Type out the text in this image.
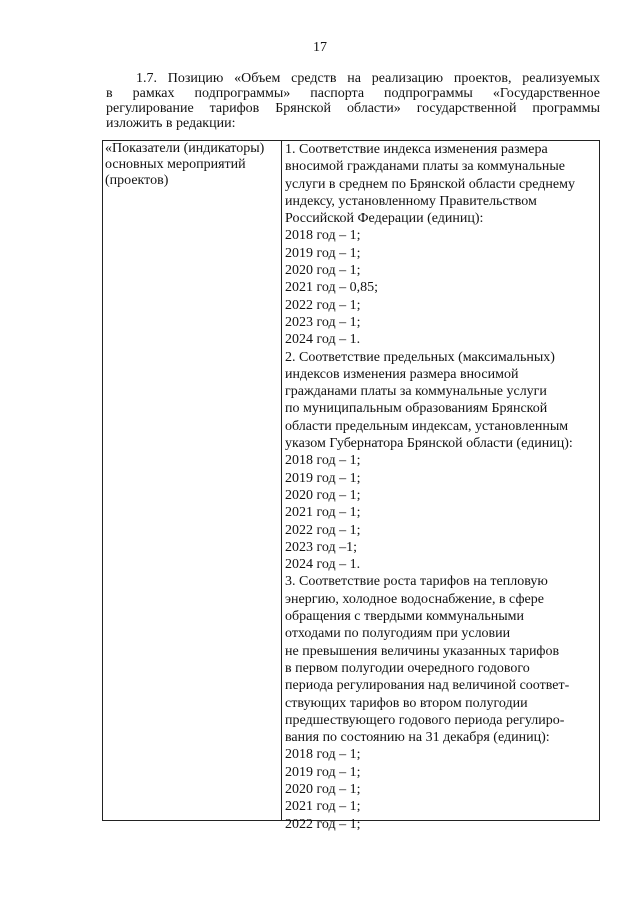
17
1.7. Позицию «Объем средств на реализацию проектов, реализуемых
в рамках подпрограммы» паспорта подпрограммы «Государственное
регулирование тарифов Брянской области» государственной программы
изложить в редакции:
«Показатели (индикаторы)
основных мероприятий
(проектов)
1. Соответствие индекса изменения размера
вносимой гражданами платы за коммунальные
услуги в среднем по Брянской области среднему
индексу, установленному Правительством
Российской Федерации (единиц):
2018 год – 1;
2019 год – 1;
2020 год – 1;
2021 год – 0,85;
2022 год – 1;
2023 год – 1;
2024 год – 1.
2. Соответствие предельных (максимальных)
индексов изменения размера вносимой
гражданами платы за коммунальные услуги
по муниципальным образованиям Брянской
области предельным индексам, установленным
указом Губернатора Брянской области (единиц):
2018 год – 1;
2019 год – 1;
2020 год – 1;
2021 год – 1;
2022 год – 1;
2023 год –1;
2024 год – 1.
3. Соответствие роста тарифов на тепловую
энергию, холодное водоснабжение, в сфере
обращения с твердыми коммунальными
отходами по полугодиям при условии
не превышения величины указанных тарифов
в первом полугодии очередного годового
периода регулирования над величиной соответ-
ствующих тарифов во втором полугодии
предшествующего годового периода регулиро-
вания по состоянию на 31 декабря (единиц):
2018 год – 1;
2019 год – 1;
2020 год – 1;
2021 год – 1;
2022 год – 1;
